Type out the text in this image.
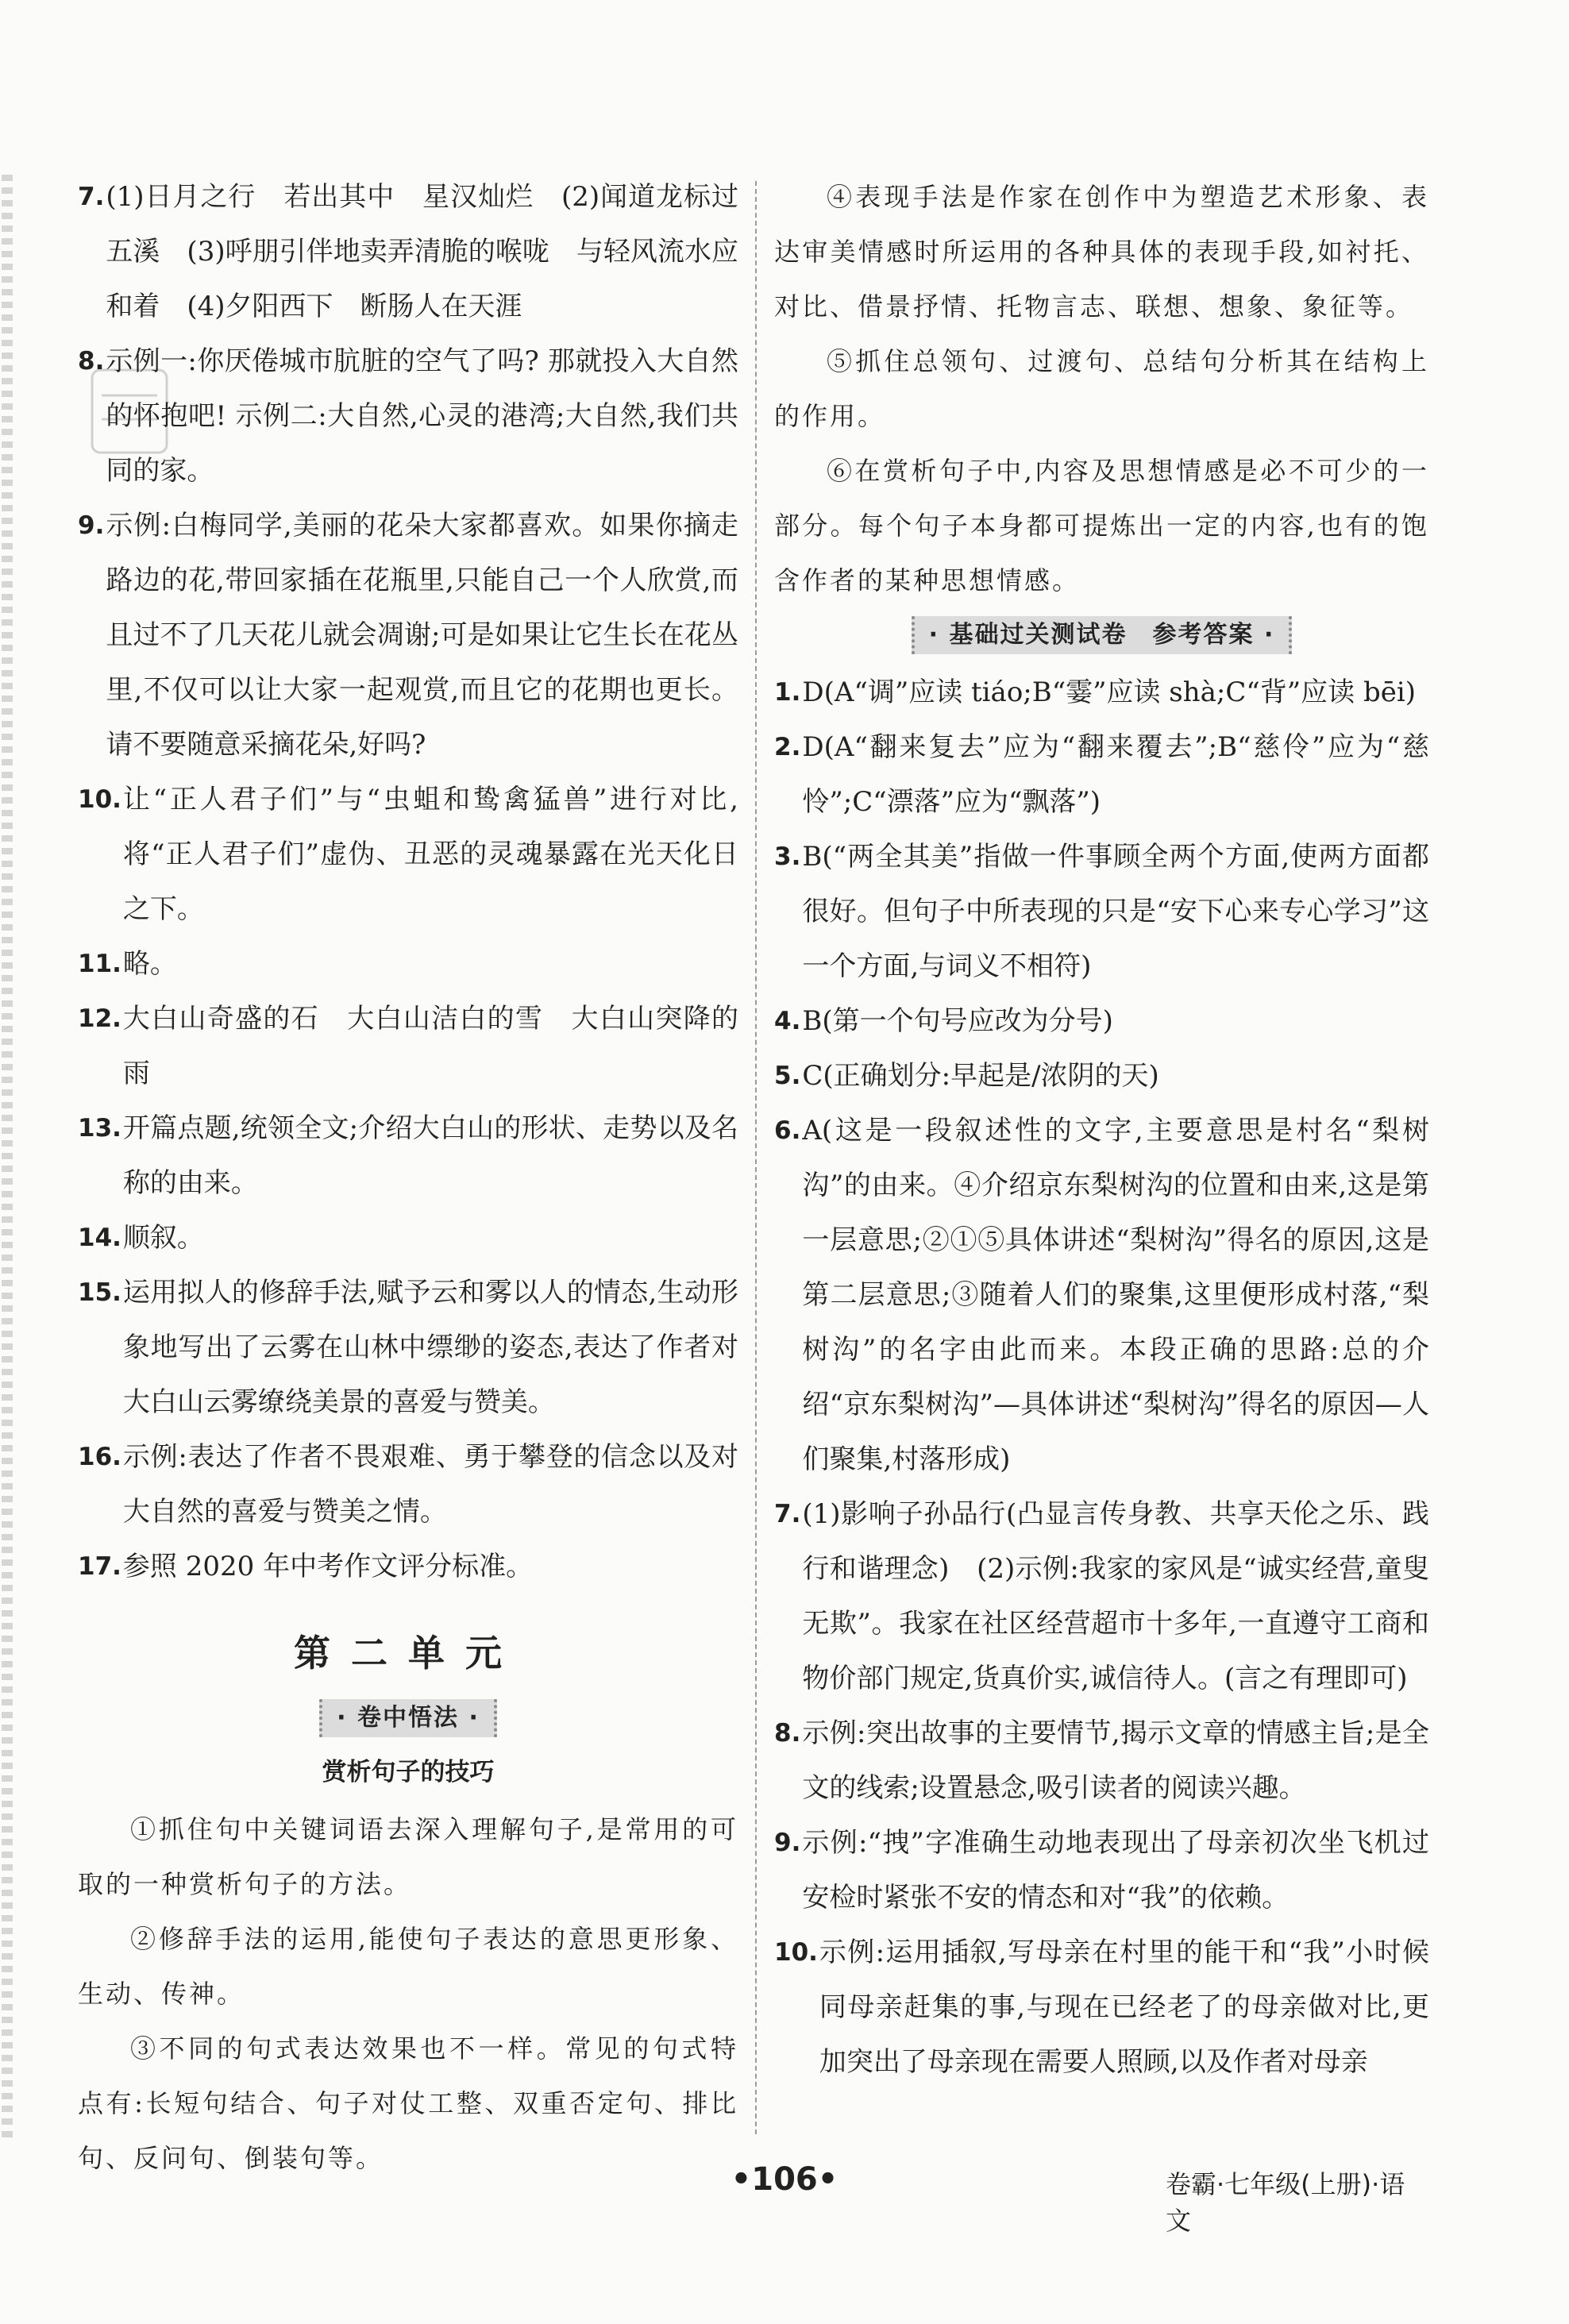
7. (1)日月之行　若出其中　星汉灿烂　(2)闻道龙标过五溪　(3)呼朋引伴地卖弄清脆的喉咙　与轻风流水应和着　(4)夕阳西下　断肠人在天涯
8. 示例一:你厌倦城市肮脏的空气了吗? 那就投入大自然的怀抱吧! 示例二:大自然,心灵的港湾;大自然,我们共同的家。
9. 示例:白梅同学,美丽的花朵大家都喜欢。如果你摘走路边的花,带回家插在花瓶里,只能自己一个人欣赏,而且过不了几天花儿就会凋谢;可是如果让它生长在花丛里,不仅可以让大家一起观赏,而且它的花期也更长。请不要随意采摘花朵,好吗?
10. 让“正人君子们”与“虫蛆和鸷禽猛兽”进行对比,将“正人君子们”虚伪、丑恶的灵魂暴露在光天化日之下。
11. 略。
12. 大白山奇盛的石　大白山洁白的雪　大白山突降的雨
13. 开篇点题,统领全文;介绍大白山的形状、走势以及名称的由来。
14. 顺叙。
15. 运用拟人的修辞手法,赋予云和雾以人的情态,生动形象地写出了云雾在山林中缥缈的姿态,表达了作者对大白山云雾缭绕美景的喜爱与赞美。
16. 示例:表达了作者不畏艰难、勇于攀登的信念以及对大自然的喜爱与赞美之情。
17. 参照 2020 年中考作文评分标准。
第二单元
· 卷中悟法 ·
赏析句子的技巧
①抓住句中关键词语去深入理解句子,是常用的可取的一种赏析句子的方法。
②修辞手法的运用,能使句子表达的意思更形象、生动、传神。
③不同的句式表达效果也不一样。常见的句式特点有:长短句结合、句子对仗工整、双重否定句、排比句、反问句、倒装句等。
④表现手法是作家在创作中为塑造艺术形象、表达审美情感时所运用的各种具体的表现手段,如衬托、对比、借景抒情、托物言志、联想、想象、象征等。
⑤抓住总领句、过渡句、总结句分析其在结构上的作用。
⑥在赏析句子中,内容及思想情感是必不可少的一部分。每个句子本身都可提炼出一定的内容,也有的饱含作者的某种思想情感。
· 基础过关测试卷　参考答案 ·
1. D(A“调”应读 tiáo;B“霎”应读 shà;C“背”应读 bēi)
2. D(A“翻来复去”应为“翻来覆去”;B“慈伶”应为“慈怜”;C“漂落”应为“飘落”)
3. B(“两全其美”指做一件事顾全两个方面,使两方面都很好。但句子中所表现的只是“安下心来专心学习”这一个方面,与词义不相符)
4. B(第一个句号应改为分号)
5. C(正确划分:早起是/浓阴的天)
6. A(这是一段叙述性的文字,主要意思是村名“梨树沟”的由来。④介绍京东梨树沟的位置和由来,这是第一层意思;②①⑤具体讲述“梨树沟”得名的原因,这是第二层意思;③随着人们的聚集,这里便形成村落,“梨树沟”的名字由此而来。本段正确的思路:总的介绍“京东梨树沟”—具体讲述“梨树沟”得名的原因—人们聚集,村落形成)
7. (1)影响子孙品行(凸显言传身教、共享天伦之乐、践行和谐理念)　(2)示例:我家的家风是“诚实经营,童叟无欺”。我家在社区经营超市十多年,一直遵守工商和物价部门规定,货真价实,诚信待人。(言之有理即可)
8. 示例:突出故事的主要情节,揭示文章的情感主旨;是全文的线索;设置悬念,吸引读者的阅读兴趣。
9. 示例:“拽”字准确生动地表现出了母亲初次坐飞机过安检时紧张不安的情态和对“我”的依赖。
10. 示例:运用插叙,写母亲在村里的能干和“我”小时候同母亲赶集的事,与现在已经老了的母亲做对比,更加突出了母亲现在需要人照顾,以及作者对母亲
•106•	卷霸·七年级(上册)·语文
